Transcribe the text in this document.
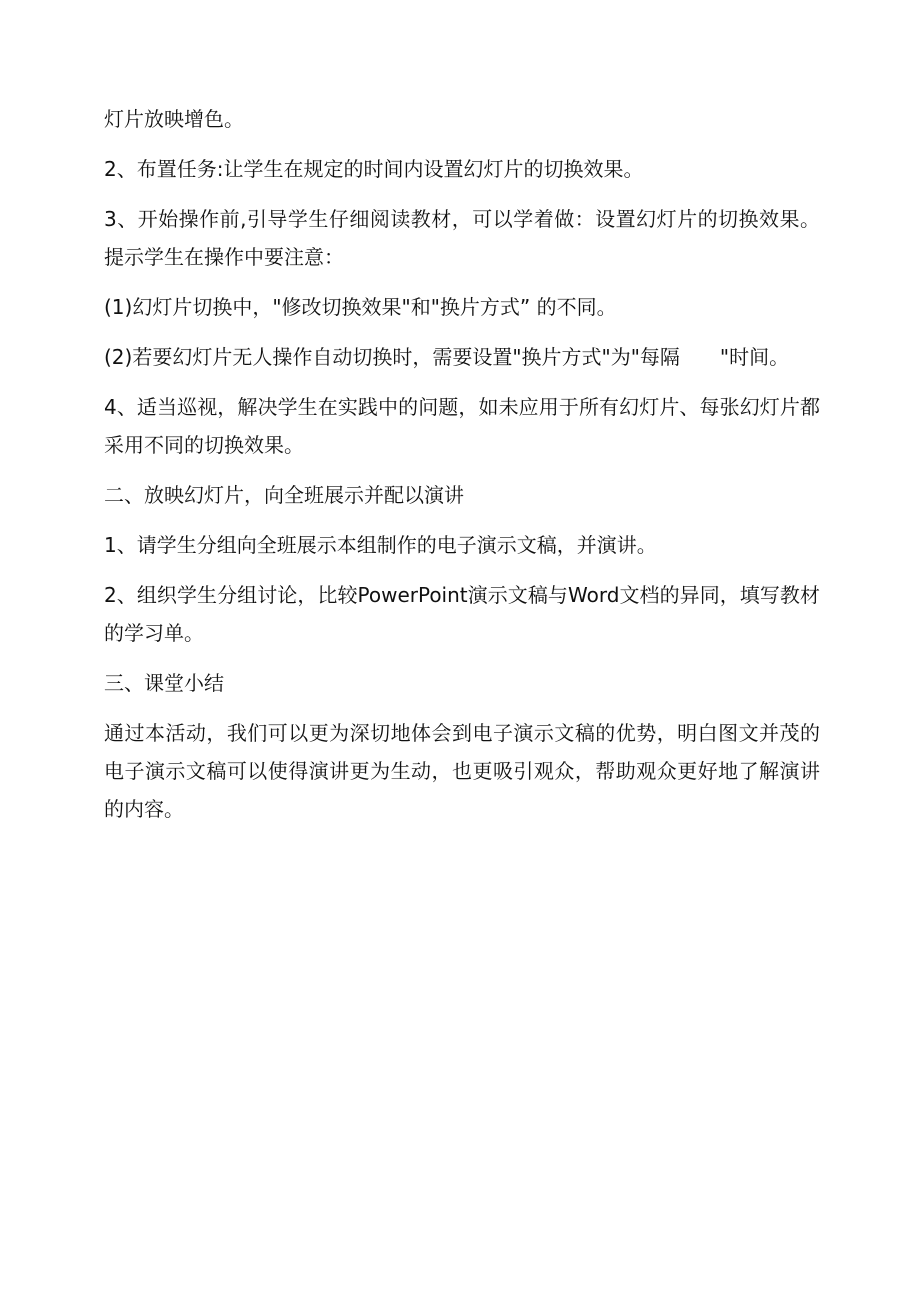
灯片放映增色。

2、布置任务:让学生在规定的时间内设置幻灯片的切换效果。

3、开始操作前,引导学生仔细阅读教材，可以学着做：设置幻灯片的切换效果。提示学生在操作中要注意：

(1)幻灯片切换中，"修改切换效果"和"换片方式” 的不同。

(2)若要幻灯片无人操作自动切换时，需要设置"换片方式"为"每隔　　"时间。

4、适当巡视，解决学生在实践中的问题，如未应用于所有幻灯片、每张幻灯片都采用不同的切换效果。

二、放映幻灯片，向全班展示并配以演讲

1、请学生分组向全班展示本组制作的电子演示文稿，并演讲。

2、组织学生分组讨论，比较PowerPoint演示文稿与Word文档的异同，填写教材的学习单。

三、课堂小结

通过本活动，我们可以更为深切地体会到电子演示文稿的优势，明白图文并茂的电子演示文稿可以使得演讲更为生动，也更吸引观众，帮助观众更好地了解演讲的内容。
